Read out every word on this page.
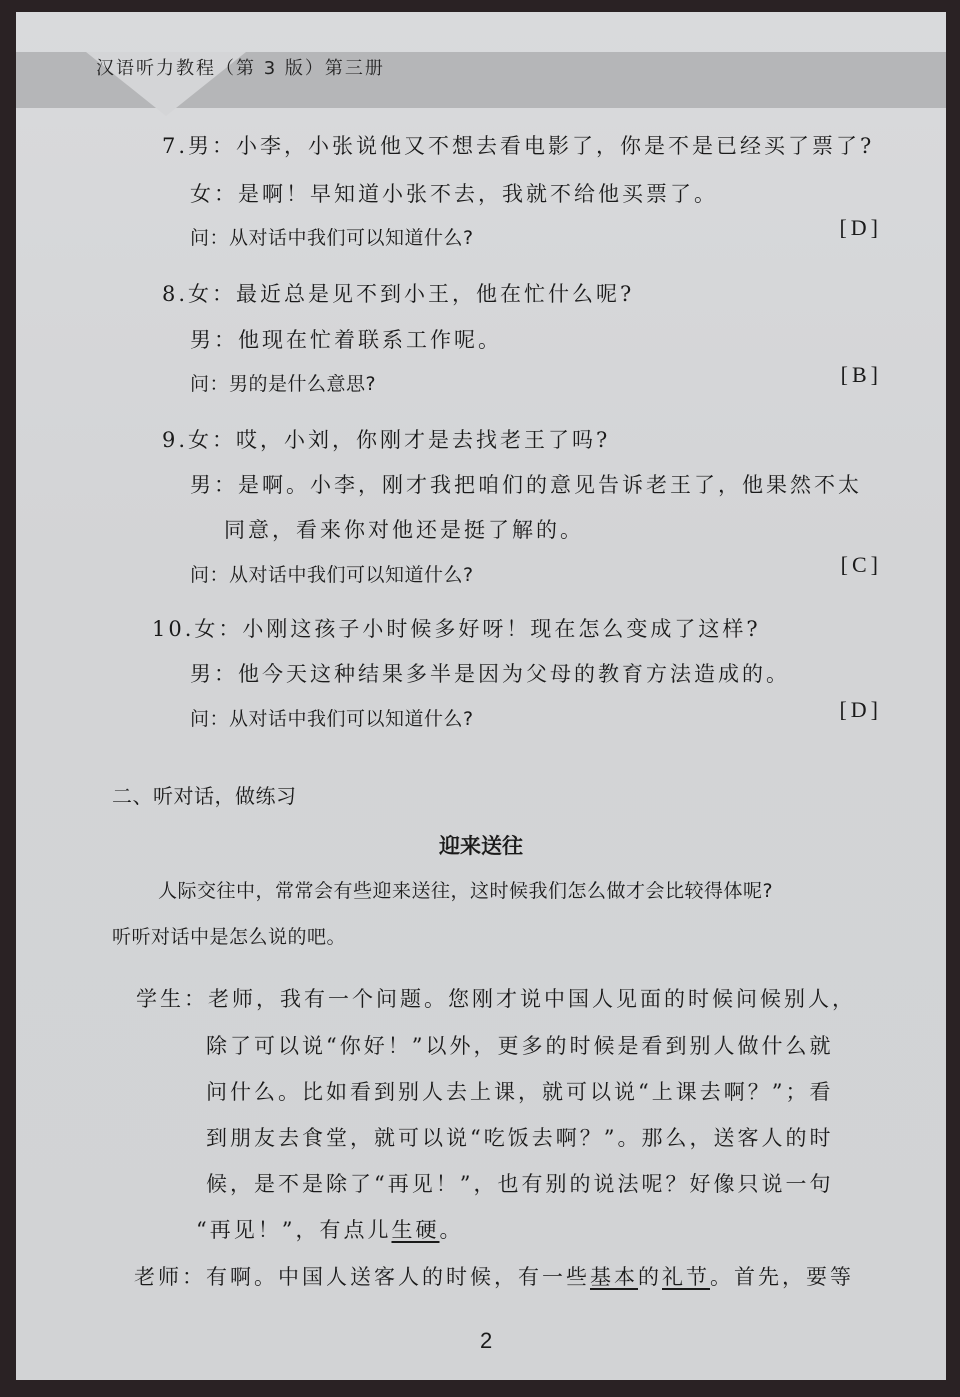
汉语听力教程（第 3 版）第三册
7.男：小李，小张说他又不想去看电影了，你是不是已经买了票了?
女：是啊！早知道小张不去，我就不给他买票了。
问：从对话中我们可以知道什么?	[D]
8.女：最近总是见不到小王，他在忙什么呢?
男：他现在忙着联系工作呢。
问：男的是什么意思?	[B]
9.女：哎，小刘，你刚才是去找老王了吗?
男：是啊。小李，刚才我把咱们的意见告诉老王了，他果然不太
同意，看来你对他还是挺了解的。
问：从对话中我们可以知道什么?	[C]
10.女：小刚这孩子小时候多好呀！现在怎么变成了这样?
男：他今天这种结果多半是因为父母的教育方法造成的。
问：从对话中我们可以知道什么?	[D]
二、听对话，做练习
迎来送往
人际交往中，常常会有些迎来送往，这时候我们怎么做才会比较得体呢?
听听对话中是怎么说的吧。
学生：老师，我有一个问题。您刚才说中国人见面的时候问候别人，
除了可以说“你好！”以外，更多的时候是看到别人做什么就
问什么。比如看到别人去上课，就可以说“上课去啊？”；看
到朋友去食堂，就可以说“吃饭去啊？”。那么，送客人的时
候，是不是除了“再见！”，也有别的说法呢？好像只说一句
“再见！”，有点儿生硬。
老师：有啊。中国人送客人的时候，有一些基本的礼节。首先，要等
2
